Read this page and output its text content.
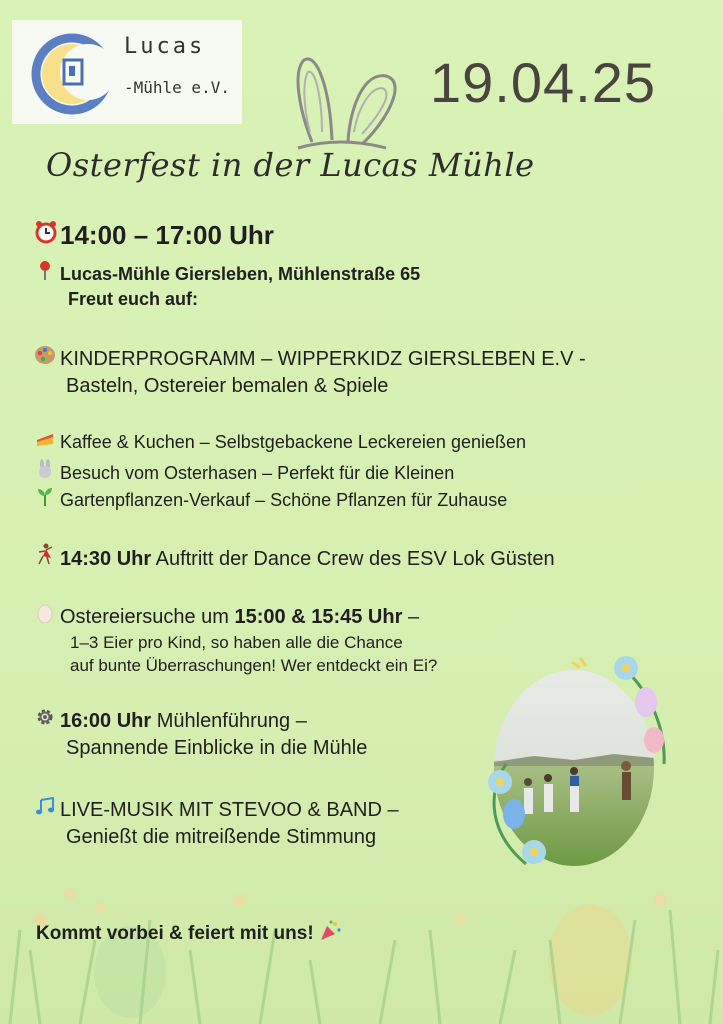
Lucas
-Mühle e.V.	19.04.25
Osterfest in der Lucas Mühle
14:00 – 17:00 Uhr
Lucas-Mühle Giersleben, Mühlenstraße 65
Freut euch auf:
KINDERPROGRAMM – WIPPERKIDZ GIERSLEBEN E.V -
Basteln, Ostereier bemalen & Spiele
Kaffee & Kuchen – Selbstgebackene Leckereien genießen
Besuch vom Osterhasen – Perfekt für die Kleinen
Gartenpflanzen-Verkauf – Schöne Pflanzen für Zuhause
14:30 Uhr Auftritt der Dance Crew des ESV Lok Güsten
Ostereiersuche um 15:00 & 15:45 Uhr –
1–3 Eier pro Kind, so haben alle die Chance
auf bunte Überraschungen! Wer entdeckt ein Ei?
16:00 Uhr Mühlenführung –
Spannende Einblicke in die Mühle
LIVE-MUSIK MIT STEVOO & BAND –
Genießt die mitreißende Stimmung
Kommt vorbei & feiert mit uns!
